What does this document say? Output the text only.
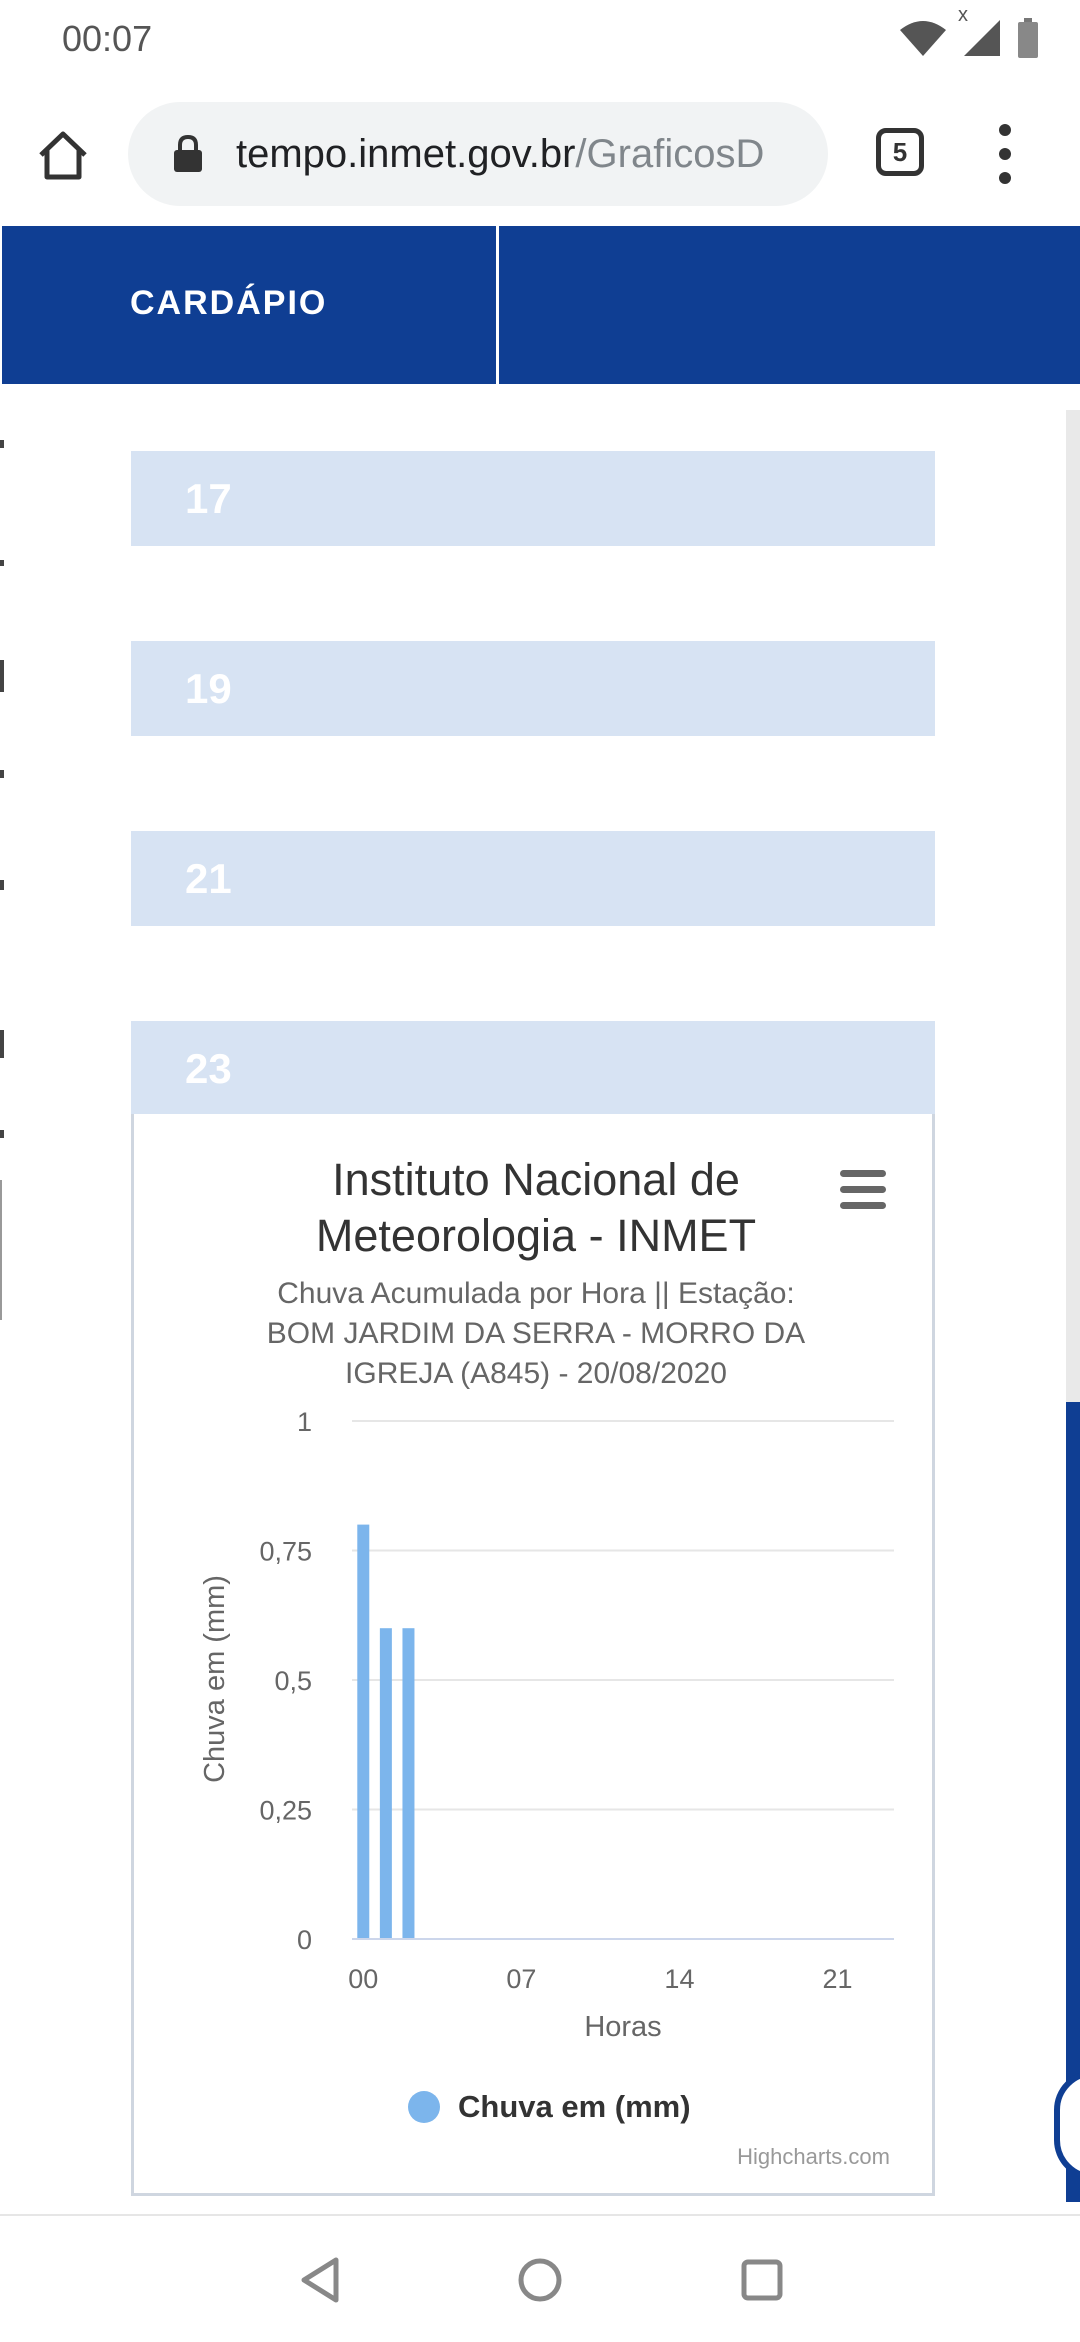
00:07
x
tempo.inmet.gov.br/GraficosD	5
CARDÁPIO
17
19
21
23
Instituto Nacional de
Meteorologia - INMET
Chuva Acumulada por Hora || Estação:
BOM JARDIM DA SERRA - MORRO DA
IGREJA (A845) - 20/08/2020
0
0,25
0,5
0,75
1
00	07	14	21
Horas
Chuva em (mm)
Chuva em (mm)
Highcharts.com
